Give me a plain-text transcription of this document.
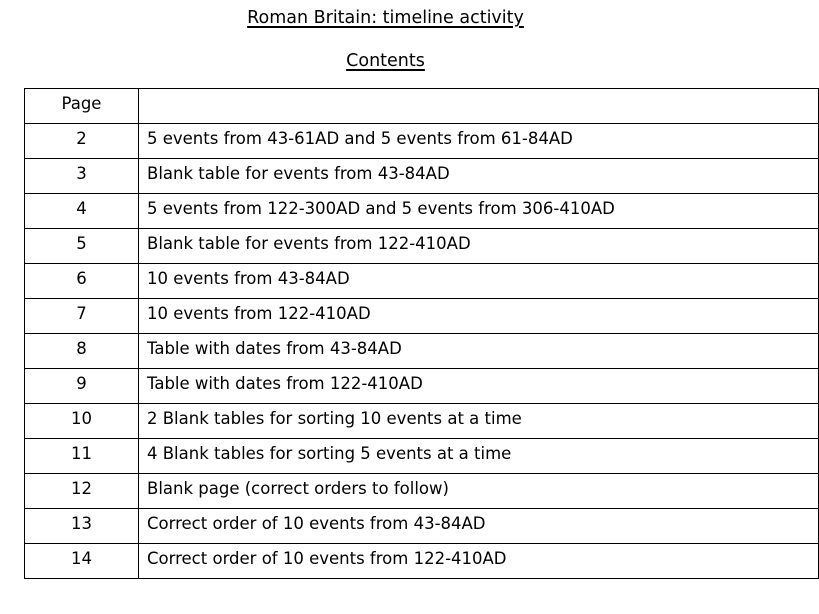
Roman Britain: timeline activity
Contents
Page	
2	5 events from 43-61AD and 5 events from 61-84AD
3	Blank table for events from 43-84AD
4	5 events from 122-300AD and 5 events from 306-410AD
5	Blank table for events from 122-410AD
6	10 events from 43-84AD
7	10 events from 122-410AD
8	Table with dates from 43-84AD
9	Table with dates from 122-410AD
10	2 Blank tables for sorting 10 events at a time
11	4 Blank tables for sorting 5 events at a time
12	Blank page (correct orders to follow)
13	Correct order of 10 events from 43-84AD
14	Correct order of 10 events from 122-410AD
